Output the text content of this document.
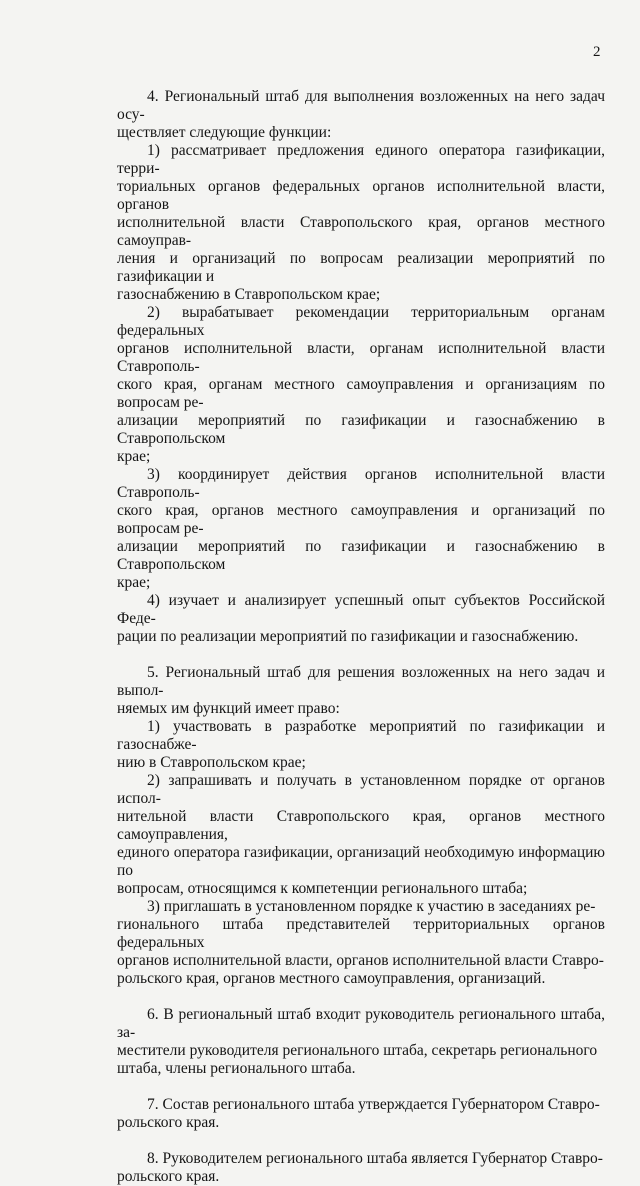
2

4. Региональный штаб для выполнения возложенных на него задач осу-
ществляет следующие функции:

1) рассматривает предложения единого оператора газификации, терри-
ториальных органов федеральных органов исполнительной власти, органов
исполнительной власти Ставропольского края, органов местного самоуправ-
ления и организаций по вопросам реализации мероприятий по газификации и
газоснабжению в Ставропольском крае;

2) вырабатывает рекомендации территориальным органам федеральных
органов исполнительной власти, органам исполнительной власти Ставрополь-
ского края, органам местного самоуправления и организациям по вопросам ре-
ализации мероприятий по газификации и газоснабжению в Ставропольском
крае;

3) координирует действия органов исполнительной власти Ставрополь-
ского края, органов местного самоуправления и организаций по вопросам ре-
ализации мероприятий по газификации и газоснабжению в Ставропольском
крае;

4) изучает и анализирует успешный опыт субъектов Российской Феде-
рации по реализации мероприятий по газификации и газоснабжению.

5. Региональный штаб для решения возложенных на него задач и выпол-
няемых им функций имеет право:

1) участвовать в разработке мероприятий по газификации и газоснабже-
нию в Ставропольском крае;

2) запрашивать и получать в установленном порядке от органов испол-
нительной власти Ставропольского края, органов местного самоуправления,
единого оператора газификации, организаций необходимую информацию по
вопросам, относящимся к компетенции регионального штаба;

3) приглашать в установленном порядке к участию в заседаниях ре-
гионального штаба представителей территориальных органов федеральных
органов исполнительной власти, органов исполнительной власти Ставро-
pольского края, органов местного самоуправления, организаций.

6. В региональный штаб входит руководитель регионального штаба, за-
местители руководителя регионального штаба, секретарь регионального
штаба, члены регионального штаба.

7. Состав регионального штаба утверждается Губернатором Ставро-
pольского края.

8. Руководителем регионального штаба является Губернатор Ставро-
pольского края.
